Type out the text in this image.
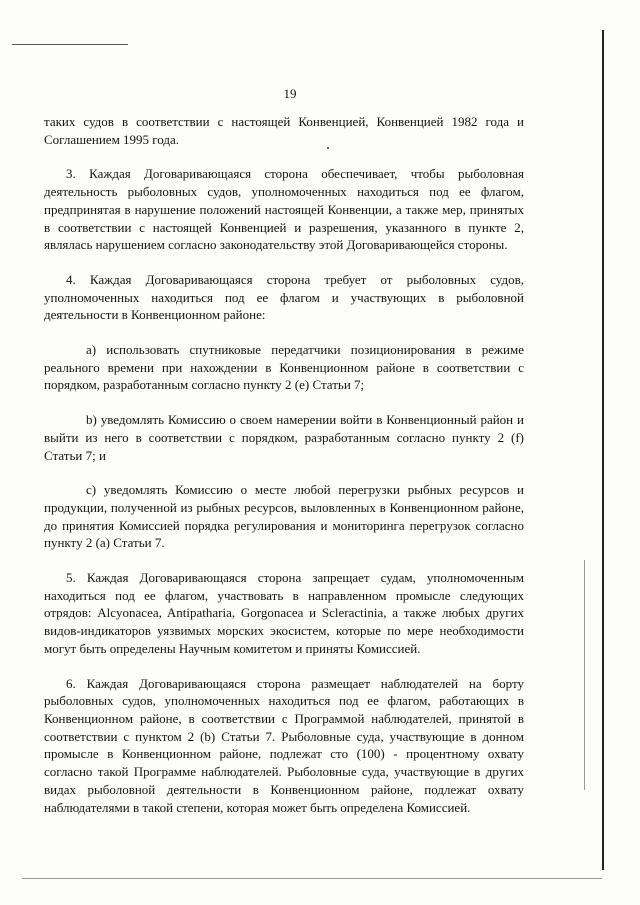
19

таких судов в соответствии с настоящей Конвенцией, Конвенцией 1982 года и Соглашением 1995 года.

3. Каждая Договаривающаяся сторона обеспечивает, чтобы рыболовная деятельность рыболовных судов, уполномоченных находиться под ее флагом, предпринятая в нарушение положений настоящей Конвенции, а также мер, принятых в соответствии с настоящей Конвенцией и разрешения, указанного в пункте 2, являлась нарушением согласно законодательству этой Договаривающейся стороны.

4. Каждая Договаривающаяся сторона требует от рыболовных судов, уполномоченных находиться под ее флагом и участвующих в рыболовной деятельности в Конвенционном районе:

a) использовать спутниковые передатчики позиционирования в режиме реального времени при нахождении в Конвенционном районе в соответствии с порядком, разработанным согласно пункту 2 (e) Статьи 7;

b) уведомлять Комиссию о своем намерении войти в Конвенционный район и выйти из него в соответствии с порядком, разработанным согласно пункту 2 (f) Статьи 7; и

c) уведомлять Комиссию о месте любой перегрузки рыбных ресурсов и продукции, полученной из рыбных ресурсов, выловленных в Конвенционном районе, до принятия Комиссией порядка регулирования и мониторинга перегрузок согласно пункту 2 (a) Статьи 7.

5. Каждая Договаривающаяся сторона запрещает судам, уполномоченным находиться под ее флагом, участвовать в направленном промысле следующих отрядов: Alcyonacea, Antipatharia, Gorgonacea и Scleractinia, а также любых других видов-индикаторов уязвимых морских экосистем, которые по мере необходимости могут быть определены Научным комитетом и приняты Комиссией.

6. Каждая Договаривающаяся сторона размещает наблюдателей на борту рыболовных судов, уполномоченных находиться под ее флагом, работающих в Конвенционном районе, в соответствии с Программой наблюдателей, принятой в соответствии с пунктом 2 (b) Статьи 7. Рыболовные суда, участвующие в донном промысле в Конвенционном районе, подлежат сто (100) - процентному охвату согласно такой Программе наблюдателей. Рыболовные суда, участвующие в других видах рыболовной деятельности в Конвенционном районе, подлежат охвату наблюдателями в такой степени, которая может быть определена Комиссией.
